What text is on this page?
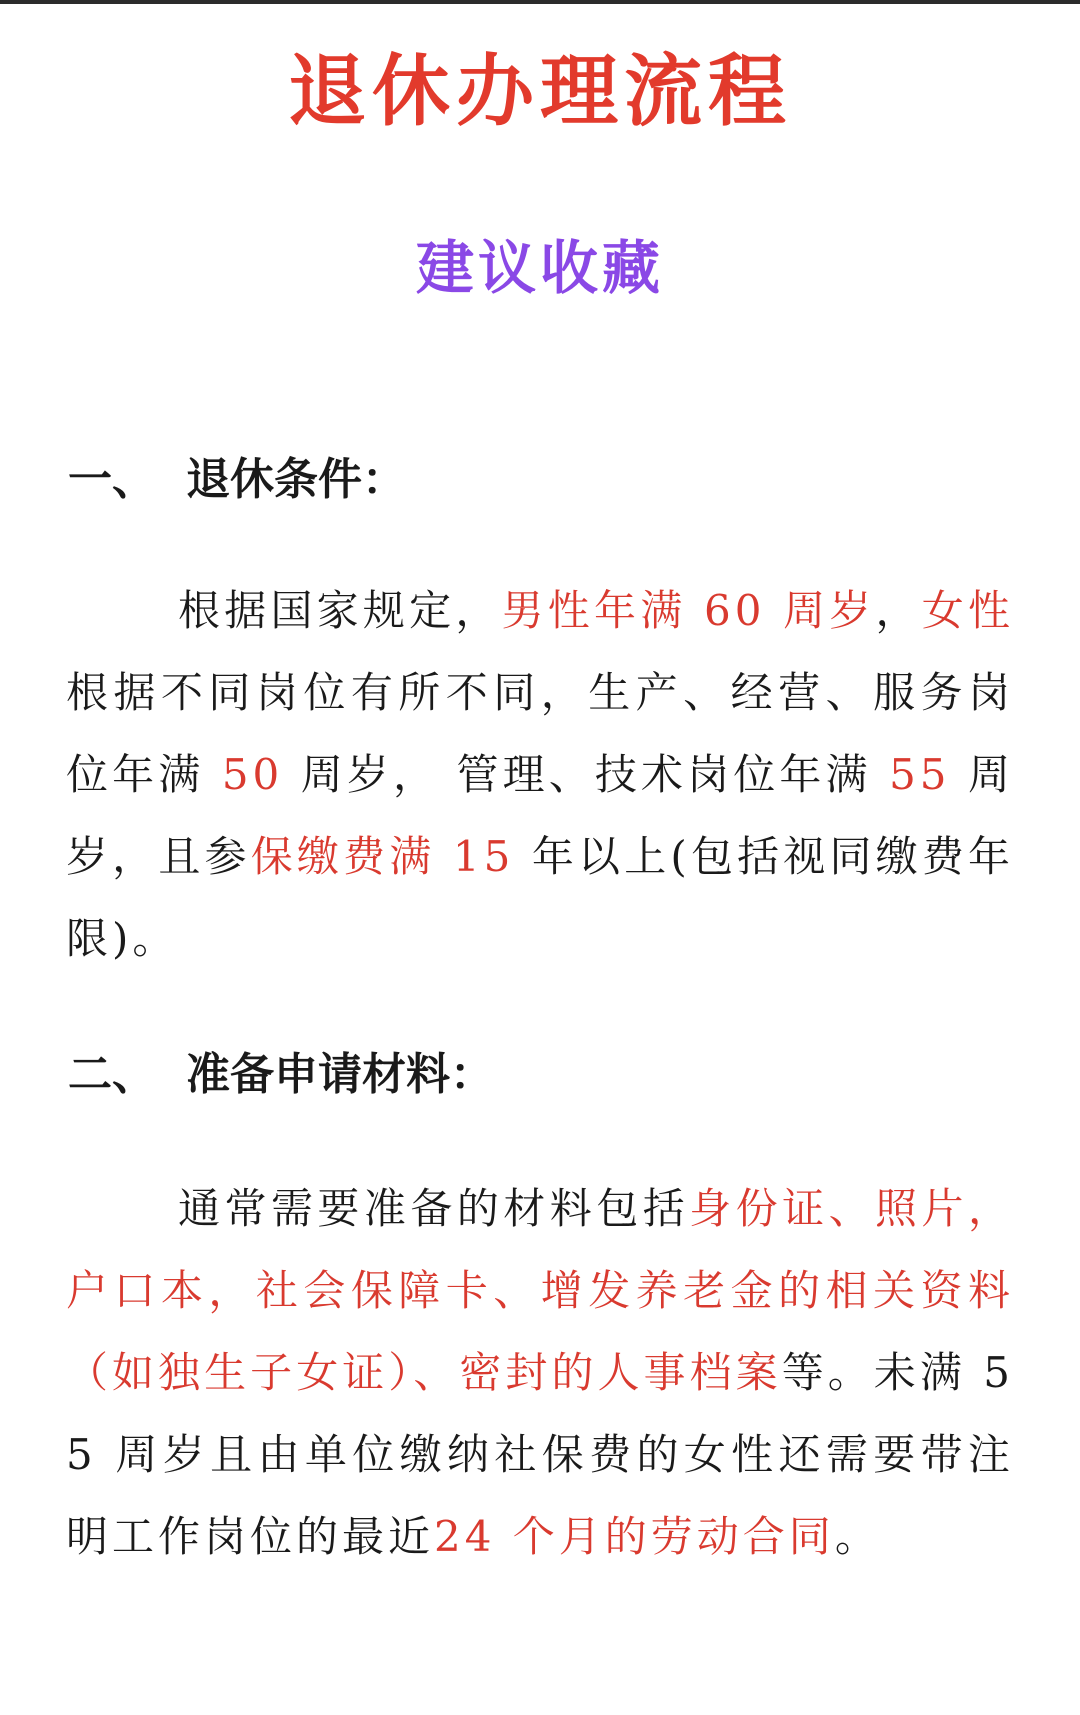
退休办理流程
建议收藏
一、 退休条件：
根据国家规定，男性年满 60 周岁，女性根据不同岗位有所不同，生产、经营、服务岗位年满 50 周岁， 管理、技术岗位年满 55 周岁，且参保缴费满 15 年以上(包括视同缴费年限)。
二、 准备申请材料：
通常需要准备的材料包括身份证、照片，户口本，社会保障卡、增发养老金的相关资料（如独生子女证）、密封的人事档案等。未满 55 周岁且由单位缴纳社保费的女性还需要带注明工作岗位的最近24 个月的劳动合同。
